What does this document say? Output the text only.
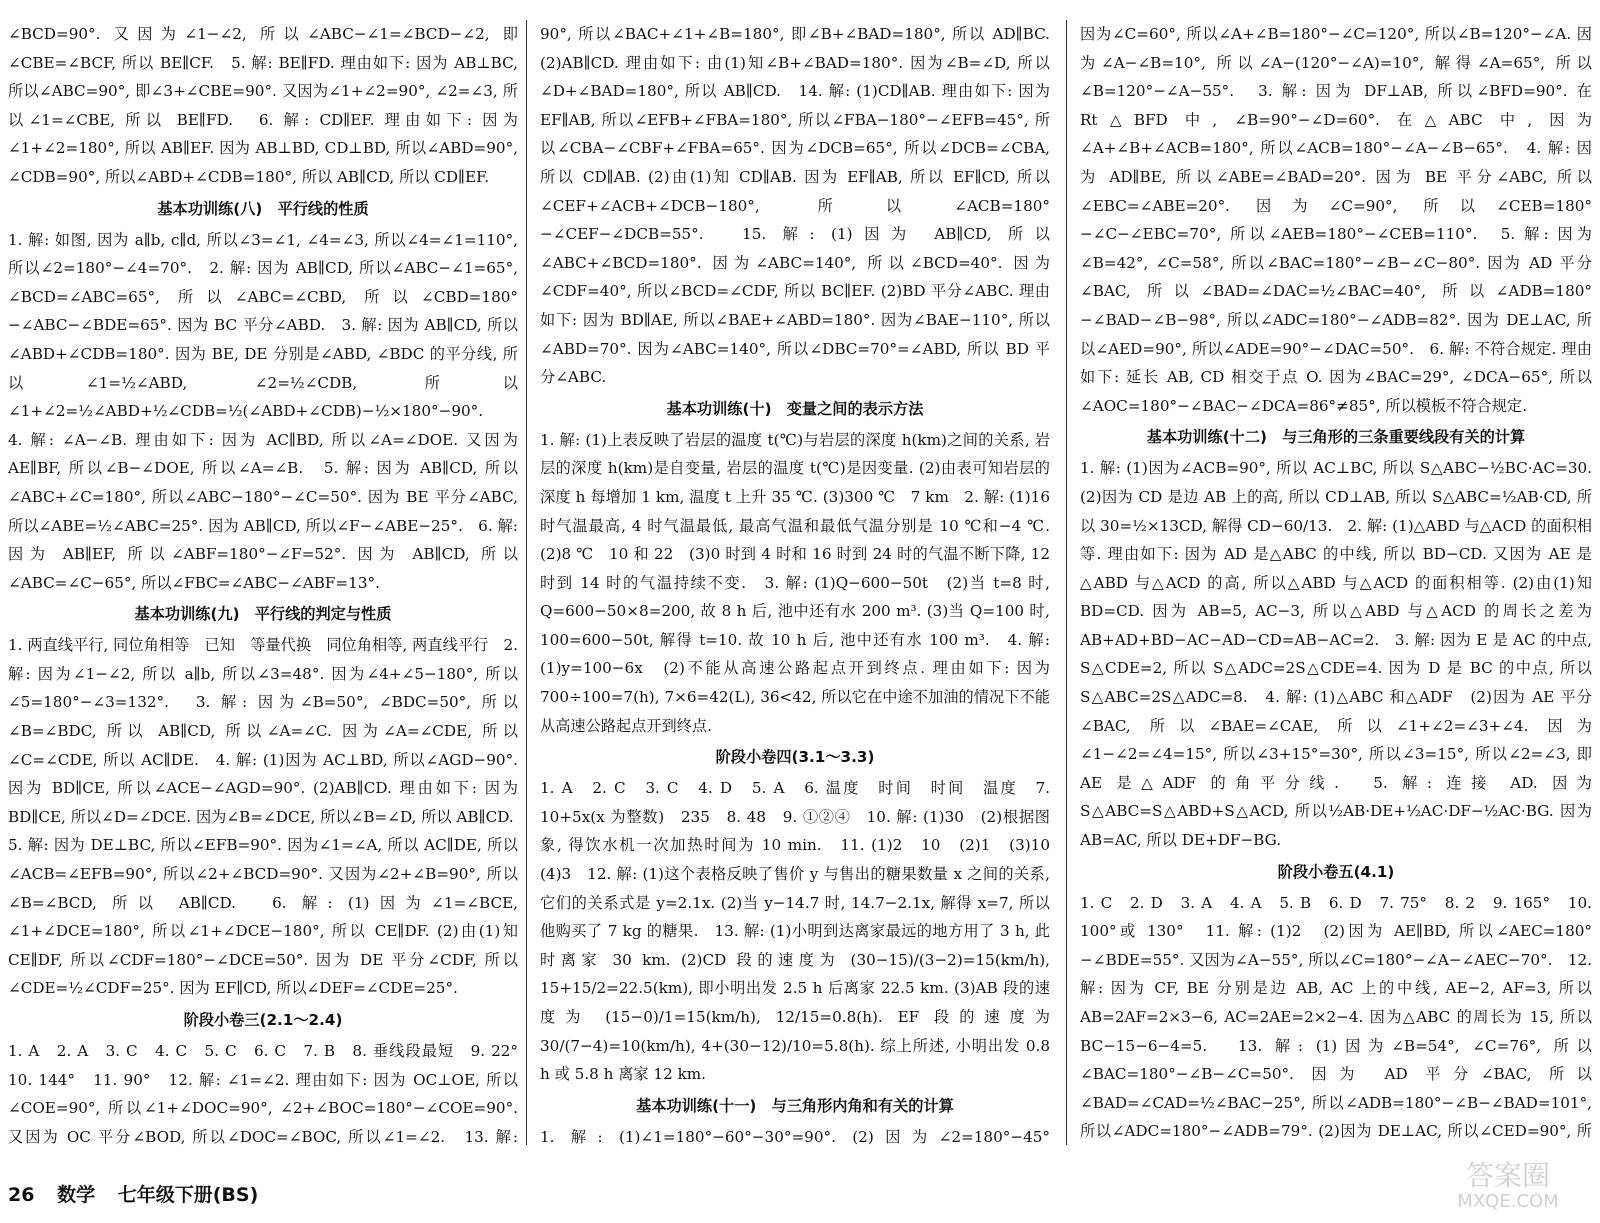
∠BCD=90°. 又因为∠1−∠2, 所以∠ABC−∠1=∠BCD−∠2, 即∠CBE=∠BCF, 所以 BE∥CF.　5. 解: BE∥FD. 理由如下: 因为 AB⊥BC, 所以∠ABC=90°, 即∠3+∠CBE=90°. 又因为∠1+∠2=90°, ∠2=∠3, 所以∠1=∠CBE, 所以 BE∥FD.　6. 解: CD∥EF. 理由如下: 因为∠1+∠2=180°, 所以 AB∥EF. 因为 AB⊥BD, CD⊥BD, 所以∠ABD=90°, ∠CDB=90°, 所以∠ABD+∠CDB=180°, 所以 AB∥CD, 所以 CD∥EF.

基本功训练(八)　平行线的性质

1. 解: 如图, 因为 a∥b, c∥d, 所以∠3=∠1, ∠4=∠3, 所以∠4=∠1=110°, 所以∠2=180°−∠4=70°.　2. 解: 因为 AB∥CD, 所以∠ABC−∠1=65°, ∠BCD=∠ABC=65°, 所以∠ABC=∠CBD, 所以∠CBD=180°−∠ABC−∠BDE=65°. 因为 BC 平分∠ABD.　3. 解: 因为 AB∥CD, 所以∠ABD+∠CDB=180°. 因为 BE, DE 分别是∠ABD, ∠BDC 的平分线, 所以∠1=½∠ABD, ∠2=½∠CDB, 所以∠1+∠2=½∠ABD+½∠CDB=½(∠ABD+∠CDB)−½×180°−90°.

4. 解: ∠A−∠B. 理由如下: 因为 AC∥BD, 所以∠A=∠DOE. 又因为 AE∥BF, 所以∠B−∠DOE, 所以∠A=∠B.　5. 解: 因为 AB∥CD, 所以∠ABC+∠C=180°, 所以∠ABC−180°−∠C=50°. 因为 BE 平分∠ABC, 所以∠ABE=½∠ABC=25°. 因为 AB∥CD, 所以∠F−∠ABE−25°.　6. 解: 因为 AB∥EF, 所以∠ABF=180°−∠F=52°. 因为 AB∥CD, 所以∠ABC=∠C−65°, 所以∠FBC=∠ABC−∠ABF=13°.

基本功训练(九)　平行线的判定与性质

1. 两直线平行, 同位角相等　已知　等量代换　同位角相等, 两直线平行　2. 解: 因为∠1−∠2, 所以 a∥b, 所以∠3=48°. 因为∠4+∠5−180°, 所以∠5=180°−∠3=132°.　3. 解: 因为∠B=50°, ∠BDC=50°, 所以∠B=∠BDC, 所以 AB∥CD, 所以∠A=∠C. 因为∠A=∠CDE, 所以∠C=∠CDE, 所以 AC∥DE.　4. 解: (1)因为 AC⊥BD, 所以∠AGD−90°. 因为 BD∥CE, 所以∠ACE−∠AGD=90°. (2)AB∥CD. 理由如下: 因为 BD∥CE, 所以∠D=∠DCE. 因为∠B=∠DCE, 所以∠B=∠D, 所以 AB∥CD.

5. 解: 因为 DE⊥BC, 所以∠EFB=90°. 因为∠1=∠A, 所以 AC∥DE, 所以∠ACB=∠EFB=90°, 所以∠2+∠BCD=90°. 又因为∠2+∠B=90°, 所以∠B=∠BCD, 所以 AB∥CD.　6. 解: (1)因为∠1=∠BCE, ∠1+∠DCE=180°, 所以∠1+∠DCE−180°, 所以 CE∥DF. (2)由(1)知 CE∥DF, 所以∠CDF=180°−∠DCE=50°. 因为 DE 平分∠CDF, 所以∠CDE=½∠CDF=25°. 因为 EF∥CD, 所以∠DEF=∠CDE=25°.

阶段小卷三(2.1～2.4)

1. A　2. A　3. C　4. C　5. C　6. C　7. B　8. 垂线段最短　9. 22°　10. 144°　11. 90°　12. 解: ∠1=∠2. 理由如下: 因为 OC⊥OE, 所以∠COE=90°, 所以∠1+∠DOC=90°, ∠2+∠BOC=180°−∠COE=90°. 又因为 OC 平分∠BOD, 所以∠DOC=∠BOC, 所以∠1=∠2.　13. 解:

90°, 所以∠BAC+∠1+∠B=180°, 即∠B+∠BAD=180°, 所以 AD∥BC. (2)AB∥CD. 理由如下: 由(1)知∠B+∠BAD=180°. 因为∠B=∠D, 所以∠D+∠BAD=180°, 所以 AB∥CD.　14. 解: (1)CD∥AB. 理由如下: 因为 EF∥AB, 所以∠EFB+∠FBA=180°, 所以∠FBA−180°−∠EFB=45°, 所以∠CBA−∠CBF+∠FBA=65°. 因为∠DCB=65°, 所以∠DCB=∠CBA, 所以 CD∥AB. (2)由(1)知 CD∥AB. 因为 EF∥AB, 所以 EF∥CD, 所以∠CEF+∠ACB+∠DCB−180°, 所以∠ACB=180°−∠CEF−∠DCB=55°.　15. 解: (1)因为 AB∥CD, 所以∠ABC+∠BCD=180°. 因为∠ABC=140°, 所以∠BCD=40°. 因为∠CDF=40°, 所以∠BCD=∠CDF, 所以 BC∥EF. (2)BD 平分∠ABC. 理由如下: 因为 BD∥AE, 所以∠BAE+∠ABD=180°. 因为∠BAE−110°, 所以∠ABD=70°. 因为∠ABC=140°, 所以∠DBC=70°=∠ABD, 所以 BD 平分∠ABC.

基本功训练(十)　变量之间的表示方法

1. 解: (1)上表反映了岩层的温度 t(℃)与岩层的深度 h(km)之间的关系, 岩层的深度 h(km)是自变量, 岩层的温度 t(℃)是因变量. (2)由表可知岩层的深度 h 每增加 1 km, 温度 t 上升 35 ℃. (3)300 ℃　7 km　2. 解: (1)16 时气温最高, 4 时气温最低, 最高气温和最低气温分别是 10 ℃和−4 ℃. (2)8 ℃　10 和 22　(3)0 时到 4 时和 16 时到 24 时的气温不断下降, 12 时到 14 时的气温持续不变.　3. 解: (1)Q−600−50t　(2)当 t=8 时, Q=600−50×8=200, 故 8 h 后, 池中还有水 200 m³. (3)当 Q=100 时, 100=600−50t, 解得 t=10. 故 10 h 后, 池中还有水 100 m³.　4. 解: (1)y=100−6x　(2)不能从高速公路起点开到终点. 理由如下: 因为 700÷100=7(h), 7×6=42(L), 36<42, 所以它在中途不加油的情况下不能从高速公路起点开到终点.

阶段小卷四(3.1～3.3)

1. A　2. C　3. C　4. D　5. A　6. 温度　时间　时间　温度　7. 10+5x(x 为整数)　235　8. 48　9. ①②④　10. 解: (1)30　(2)根据图象, 得饮水机一次加热时间为 10 min.　11. (1)2　10　(2)1　(3)10　(4)3　12. 解: (1)这个表格反映了售价 y 与售出的糖果数量 x 之间的关系, 它们的关系式是 y=2.1x. (2)当 y−14.7 时, 14.7−2.1x, 解得 x=7, 所以他购买了 7 kg 的糖果.　13. 解: (1)小明到达离家最远的地方用了 3 h, 此时离家 30 km. (2)CD 段的速度为 (30−15)/(3−2)=15(km/h), 15+15/2=22.5(km), 即小明出发 2.5 h 后离家 22.5 km. (3)AB 段的速度为 (15−0)/1=15(km/h), 12/15=0.8(h). EF 段的速度为 30/(7−4)=10(km/h), 4+(30−12)/10=5.8(h). 综上所述, 小明出发 0.8 h 或 5.8 h 离家 12 km.

基本功训练(十一)　与三角形内角和有关的计算

1. 解: (1)∠1=180°−60°−30°=90°. (2)因为∠2=180°−45°

因为∠C=60°, 所以∠A+∠B=180°−∠C=120°, 所以∠B=120°−∠A. 因为∠A−∠B=10°, 所以∠A−(120°−∠A)=10°, 解得∠A=65°, 所以∠B=120°−∠A−55°.　3. 解: 因为 DF⊥AB, 所以∠BFD=90°. 在 Rt△BFD 中, ∠B=90°−∠D=60°. 在△ABC 中, 因为∠A+∠B+∠ACB=180°, 所以∠ACB=180°−∠A−∠B−65°.　4. 解: 因为 AD∥BE, 所以∠ABE=∠BAD=20°. 因为 BE 平分∠ABC, 所以∠EBC=∠ABE=20°. 因为∠C=90°, 所以∠CEB=180°−∠C−∠EBC=70°, 所以∠AEB=180°−∠CEB=110°.　5. 解: 因为∠B=42°, ∠C=58°, 所以∠BAC=180°−∠B−∠C−80°. 因为 AD 平分∠BAC, 所以∠BAD=∠DAC=½∠BAC=40°, 所以∠ADB=180°−∠BAD−∠B−98°, 所以∠ADC=180°−∠ADB=82°. 因为 DE⊥AC, 所以∠AED=90°, 所以∠ADE=90°−∠DAC=50°.　6. 解: 不符合规定. 理由如下: 延长 AB, CD 相交于点 O. 因为∠BAC=29°, ∠DCA−65°, 所以∠AOC=180°−∠BAC−∠DCA=86°≠85°, 所以模板不符合规定.

基本功训练(十二)　与三角形的三条重要线段有关的计算

1. 解: (1)因为∠ACB=90°, 所以 AC⊥BC, 所以 S△ABC−½BC·AC=30. (2)因为 CD 是边 AB 上的高, 所以 CD⊥AB, 所以 S△ABC=½AB·CD, 所以 30=½×13CD, 解得 CD−60/13.　2. 解: (1)△ABD 与△ACD 的面积相等. 理由如下: 因为 AD 是△ABC 的中线, 所以 BD−CD. 又因为 AE 是△ABD 与△ACD 的高, 所以△ABD 与△ACD 的面积相等. (2)由(1)知 BD=CD. 因为 AB=5, AC−3, 所以△ABD 与△ACD 的周长之差为 AB+AD+BD−AC−AD−CD=AB−AC=2.　3. 解: 因为 E 是 AC 的中点, S△CDE=2, 所以 S△ADC=2S△CDE=4. 因为 D 是 BC 的中点, 所以 S△ABC=2S△ADC=8.　4. 解: (1)△ABC 和△ADF　(2)因为 AE 平分∠BAC, 所以∠BAE=∠CAE, 所以∠1+∠2=∠3+∠4. 因为∠1−∠2=∠4=15°, 所以∠3+15°=30°, 所以∠3=15°, 所以∠2=∠3, 即 AE 是△ADF 的角平分线.　5. 解: 连接 AD. 因为 S△ABC=S△ABD+S△ACD, 所以½AB·DE+½AC·DF−½AC·BG. 因为 AB=AC, 所以 DE+DF−BG.

阶段小卷五(4.1)

1. C　2. D　3. A　4. A　5. B　6. D　7. 75°　8. 2　9. 165°　10. 100°或 130°　11. 解: (1)2　(2)因为 AE∥BD, 所以∠AEC=180°−∠BDE=55°. 又因为∠A−55°, 所以∠C=180°−∠A−∠AEC−70°.　12. 解: 因为 CF, BE 分别是边 AB, AC 上的中线, AE−2, AF=3, 所以 AB=2AF=2×3−6, AC=2AE=2×2−4. 因为△ABC 的周长为 15, 所以 BC−15−6−4=5.　13. 解: (1)因为∠B=54°, ∠C=76°, 所以∠BAC=180°−∠B−∠C=50°. 因为 AD 平分∠BAC, 所以∠BAD=∠CAD=½∠BAC−25°, 所以∠ADB=180°−∠B−∠BAD=101°, 所以∠ADC=180°−∠ADB=79°. (2)因为 DE⊥AC, 所以∠CED=90°, 所　

26 数学 七年级下册(BS)
答案圈
MXQE.COM
